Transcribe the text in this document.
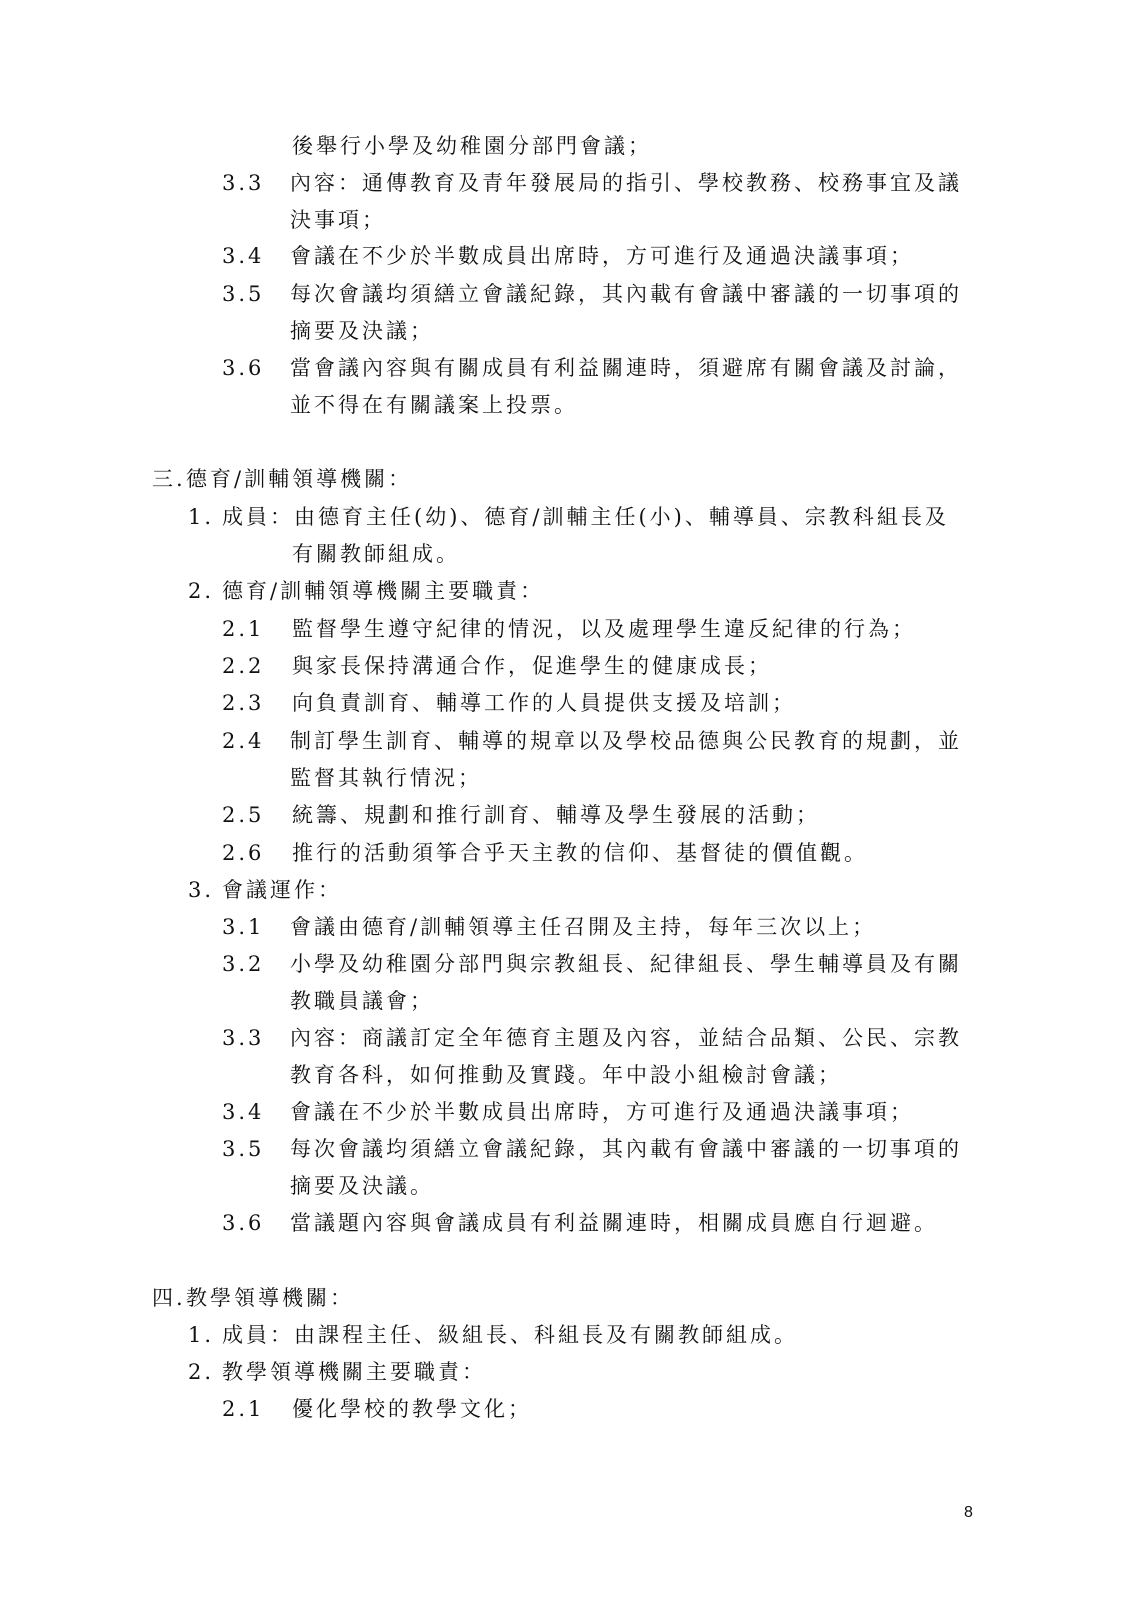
後舉行小學及幼稚園分部門會議；
3.3 內容：通傳教育及青年發展局的指引、學校教務、校務事宜及議
決事項；
3.4 會議在不少於半數成員出席時，方可進行及通過決議事項；
3.5 每次會議均須繕立會議紀錄，其內載有會議中審議的一切事項的
摘要及決議；
3.6 當會議內容與有關成員有利益關連時，須避席有關會議及討論，
並不得在有關議案上投票。
三. 德育/訓輔領導機關：
1. 成員：由德育主任(幼)、德育/訓輔主任(小)、輔導員、宗教科組長及
有關教師組成。
2. 德育/訓輔領導機關主要職責：
2.1 監督學生遵守紀律的情況，以及處理學生違反紀律的行為；
2.2 與家長保持溝通合作，促進學生的健康成長；
2.3 向負責訓育、輔導工作的人員提供支援及培訓；
2.4 制訂學生訓育、輔導的規章以及學校品德與公民教育的規劃，並
監督其執行情況；
2.5 統籌、規劃和推行訓育、輔導及學生發展的活動；
2.6 推行的活動須筝合乎天主教的信仰、基督徒的價值觀。
3. 會議運作：
3.1 會議由德育/訓輔領導主任召開及主持，每年三次以上；
3.2 小學及幼稚園分部門與宗教組長、紀律組長、學生輔導員及有關
教職員議會；
3.3 內容：商議訂定全年德育主題及內容，並結合品類、公民、宗教
教育各科，如何推動及實踐。年中設小組檢討會議；
3.4 會議在不少於半數成員出席時，方可進行及通過決議事項；
3.5 每次會議均須繕立會議紀錄，其內載有會議中審議的一切事項的
摘要及決議。
3.6 當議題內容與會議成員有利益關連時，相關成員應自行迴避。
四. 教學領導機關：
1. 成員：由課程主任、級組長、科組長及有關教師組成。
2. 教學領導機關主要職責：
2.1 優化學校的教學文化；
8
